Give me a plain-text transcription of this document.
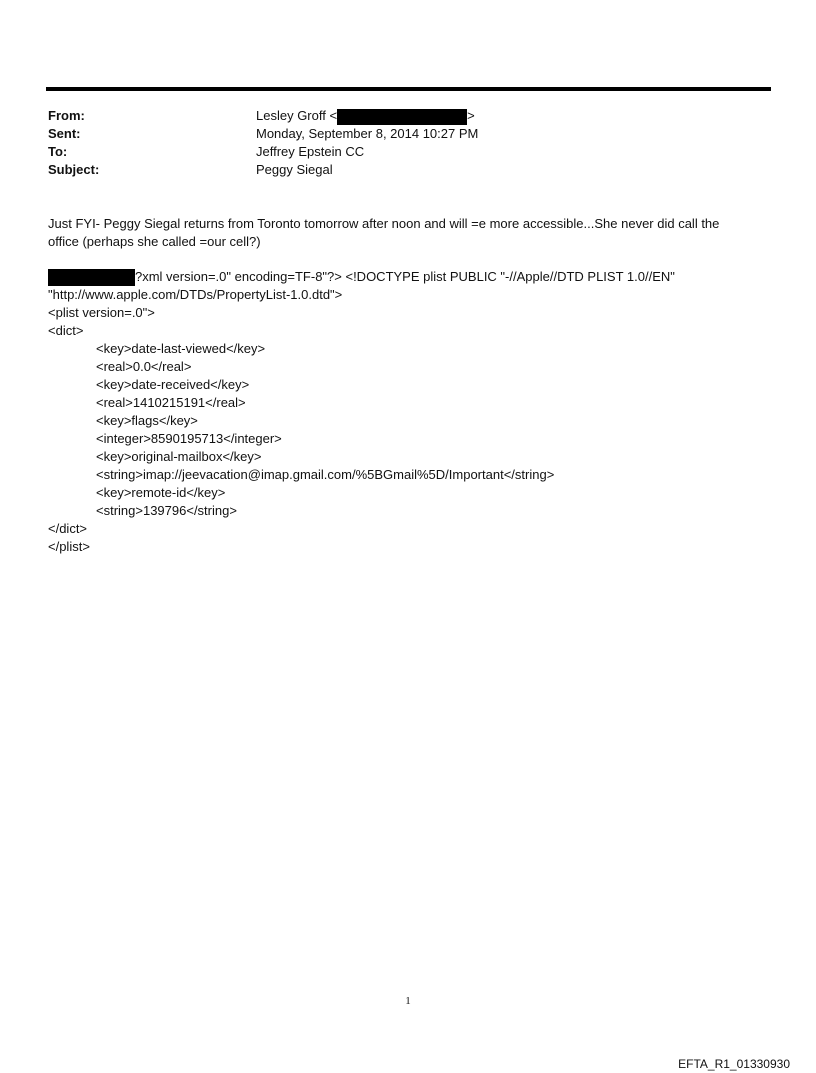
From:	Lesley Groff <	>
Sent:	Monday, September 8, 2014 10:27 PM
To:	Jeffrey Epstein CC
Subject:	Peggy Siegal
Just FYI- Peggy Siegal returns from Toronto tomorrow after noon and will =e more accessible...She never did call the
office (perhaps she called =our cell?)
?xml version=.0" encoding=TF-8"?> <!DOCTYPE plist PUBLIC "-//Apple//DTD PLIST 1.0//EN"
"http://www.apple.com/DTDs/PropertyList-1.0.dtd">
<plist version=.0">
<dict>
<key>date-last-viewed</key>
<real>0.0</real>
<key>date-received</key>
<real>1410215191</real>
<key>flags</key>
<integer>8590195713</integer>
<key>original-mailbox</key>
<string>imap://jeevacation@imap.gmail.com/%5BGmail%5D/Important</string>
<key>remote-id</key>
<string>139796</string>
</dict>
</plist>
1
EFTA_R1_01330930
